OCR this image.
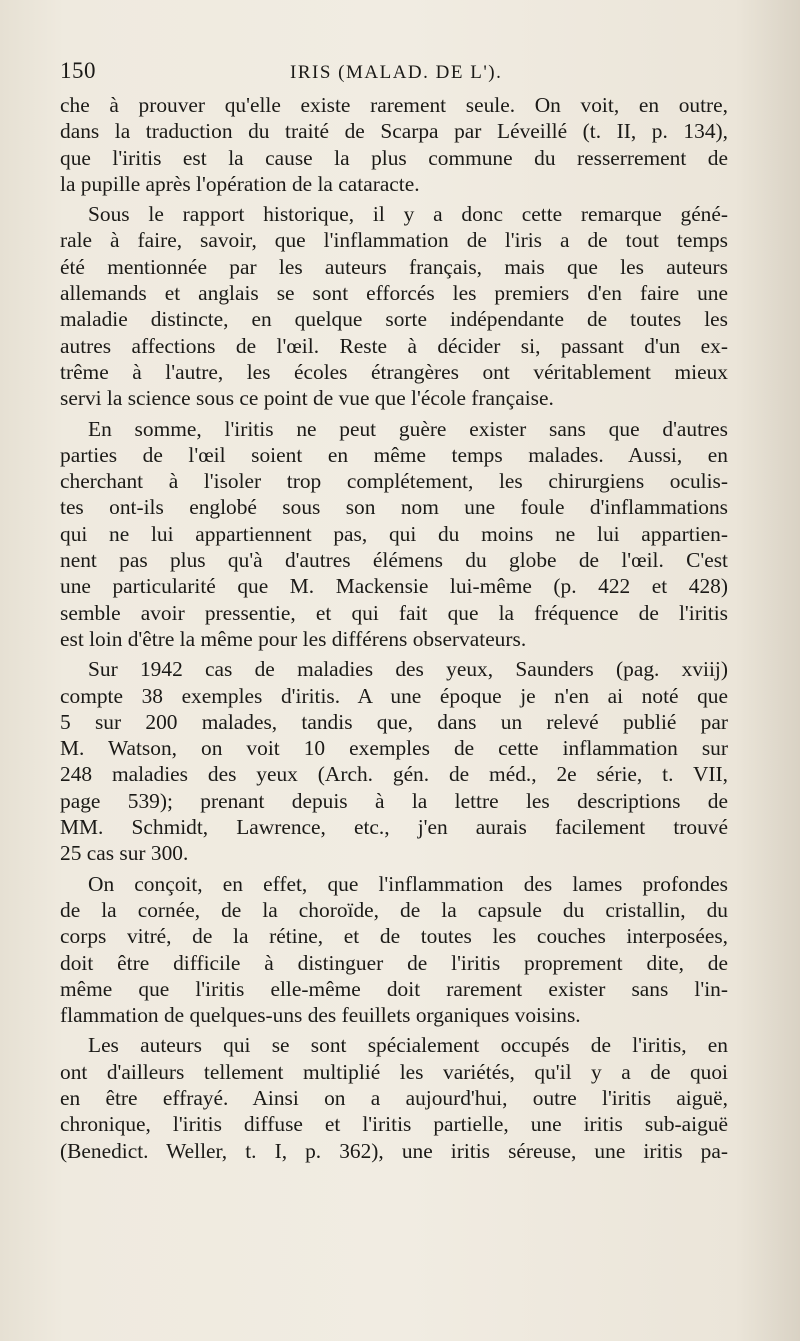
150	IRIS (MALAD. DE L').
che à prouver qu'elle existe rarement seule. On voit, en outre,
dans la traduction du traité de Scarpa par Léveillé (t. II, p. 134),
que l'iritis est la cause la plus commune du resserrement de
la pupille après l'opération de la cataracte.
Sous le rapport historique, il y a donc cette remarque géné-
rale à faire, savoir, que l'inflammation de l'iris a de tout temps
été mentionnée par les auteurs français, mais que les auteurs
allemands et anglais se sont efforcés les premiers d'en faire une
maladie distincte, en quelque sorte indépendante de toutes les
autres affections de l'œil. Reste à décider si, passant d'un ex-
trême à l'autre, les écoles étrangères ont véritablement mieux
servi la science sous ce point de vue que l'école française.
En somme, l'iritis ne peut guère exister sans que d'autres
parties de l'œil soient en même temps malades. Aussi, en
cherchant à l'isoler trop complétement, les chirurgiens oculis-
tes ont-ils englobé sous son nom une foule d'inflammations
qui ne lui appartiennent pas, qui du moins ne lui appartien-
nent pas plus qu'à d'autres élémens du globe de l'œil. C'est
une particularité que M. Mackensie lui-même (p. 422 et 428)
semble avoir pressentie, et qui fait que la fréquence de l'iritis
est loin d'être la même pour les différens observateurs.
Sur 1942 cas de maladies des yeux, Saunders (pag. xviij)
compte 38 exemples d'iritis. A une époque je n'en ai noté que
5 sur 200 malades, tandis que, dans un relevé publié par
M. Watson, on voit 10 exemples de cette inflammation sur
248 maladies des yeux (Arch. gén. de méd., 2e série, t. VII,
page 539); prenant depuis à la lettre les descriptions de
MM. Schmidt, Lawrence, etc., j'en aurais facilement trouvé
25 cas sur 300.
On conçoit, en effet, que l'inflammation des lames profondes
de la cornée, de la choroïde, de la capsule du cristallin, du
corps vitré, de la rétine, et de toutes les couches interposées,
doit être difficile à distinguer de l'iritis proprement dite, de
même que l'iritis elle-même doit rarement exister sans l'in-
flammation de quelques-uns des feuillets organiques voisins.
Les auteurs qui se sont spécialement occupés de l'iritis, en
ont d'ailleurs tellement multiplié les variétés, qu'il y a de quoi
en être effrayé. Ainsi on a aujourd'hui, outre l'iritis aiguë,
chronique, l'iritis diffuse et l'iritis partielle, une iritis sub-aiguë
(Benedict. Weller, t. I, p. 362), une iritis séreuse, une iritis pa-
